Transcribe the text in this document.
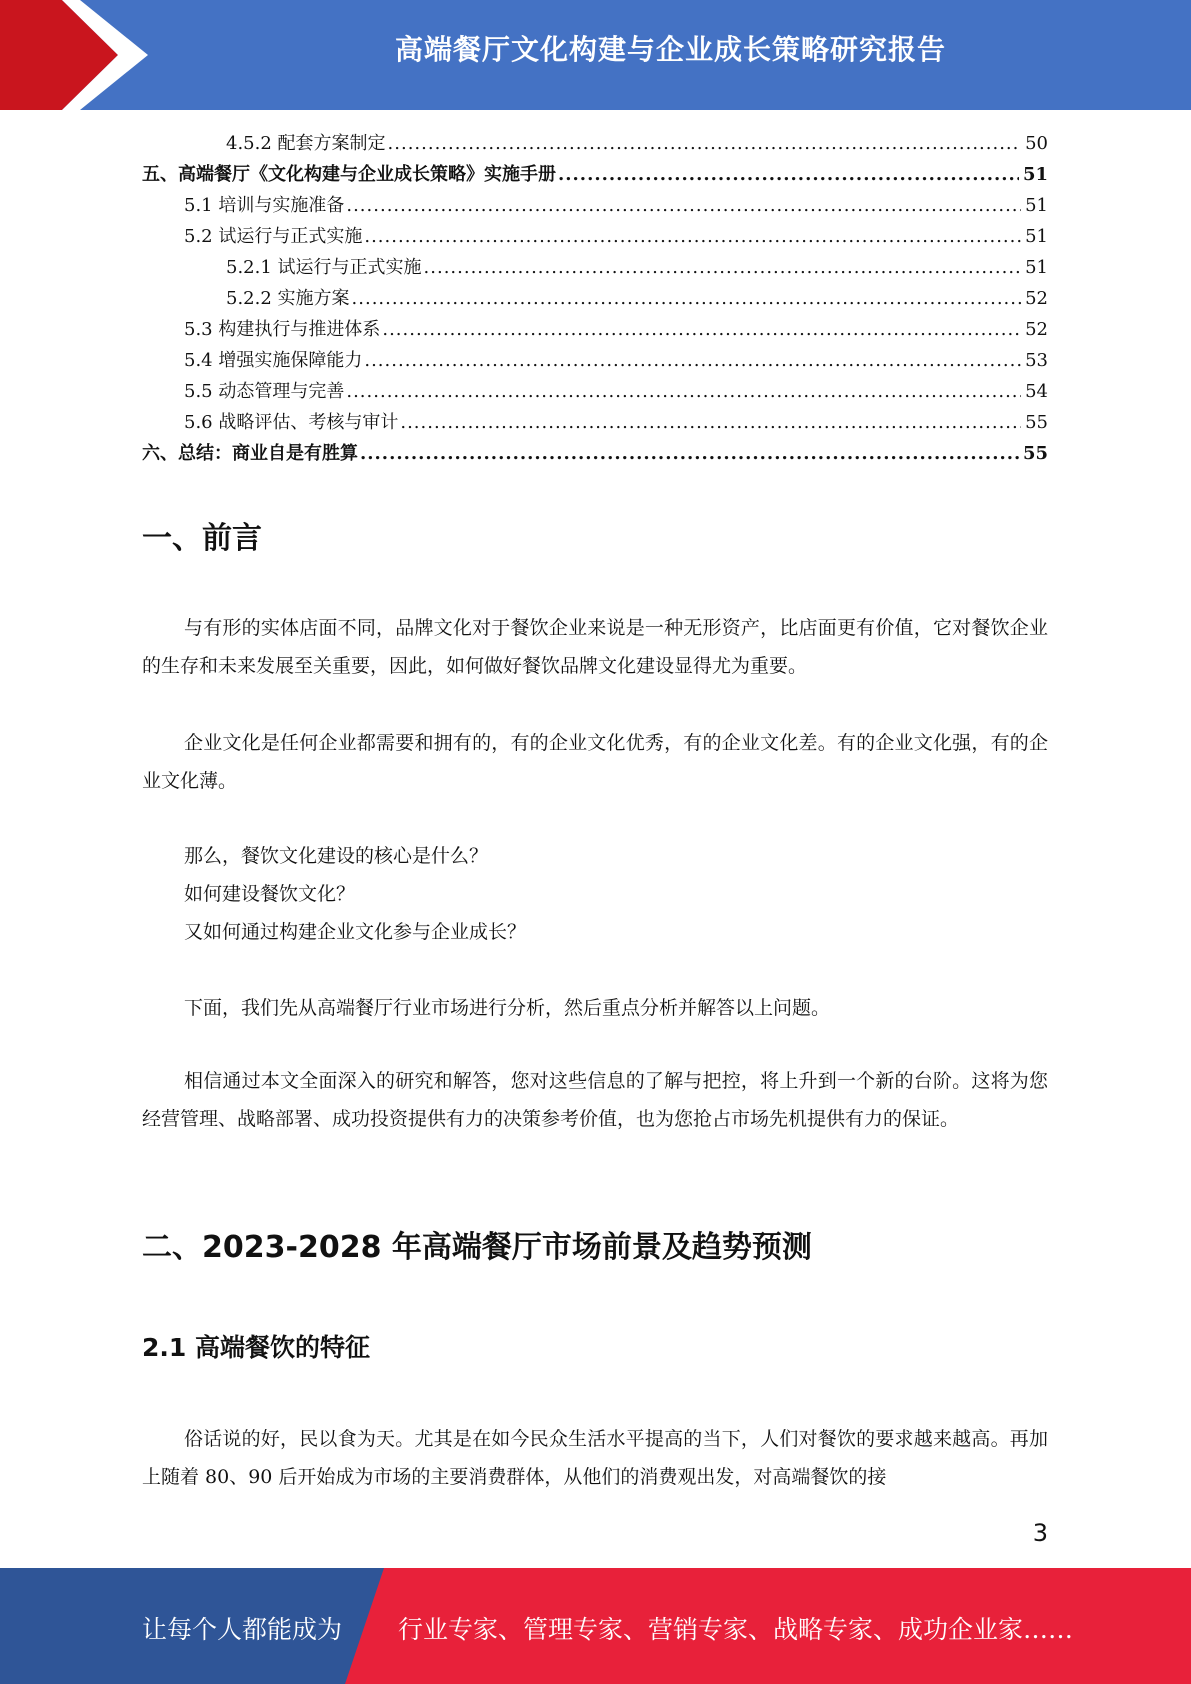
高端餐厅文化构建与企业成长策略研究报告
4.5.2 配套方案制定 .....	50
五、高端餐厅《文化构建与企业成长策略》实施手册 .....	51
5.1 培训与实施准备 .....	51
5.2 试运行与正式实施 .....	51
5.2.1 试运行与正式实施 .....	51
5.2.2 实施方案 .....	52
5.3 构建执行与推进体系 .....	52
5.4 增强实施保障能力 .....	53
5.5 动态管理与完善 .....	54
5.6 战略评估、考核与审计 .....	55
六、总结：商业自是有胜算 .....	55
一、前言

与有形的实体店面不同，品牌文化对于餐饮企业来说是一种无形资产，比店面更有价值，它对餐饮企业的生存和未来发展至关重要，因此，如何做好餐饮品牌文化建设显得尤为重要。

企业文化是任何企业都需要和拥有的，有的企业文化优秀，有的企业文化差。有的企业文化强，有的企业文化薄。

那么，餐饮文化建设的核心是什么？
如何建设餐饮文化？
又如何通过构建企业文化参与企业成长？

下面，我们先从高端餐厅行业市场进行分析，然后重点分析并解答以上问题。

相信通过本文全面深入的研究和解答，您对这些信息的了解与把控，将上升到一个新的台阶。这将为您经营管理、战略部署、成功投资提供有力的决策参考价值，也为您抢占市场先机提供有力的保证。

二、2023-2028 年高端餐厅市场前景及趋势预测
2.1 高端餐饮的特征

俗话说的好，民以食为天。尤其是在如今民众生活水平提高的当下，人们对餐饮的要求越来越高。再加上随着 80、90 后开始成为市场的主要消费群体，从他们的消费观出发，对高端餐饮的接

3
让每个人都能成为 行业专家、管理专家、营销专家、战略专家、成功企业家……
